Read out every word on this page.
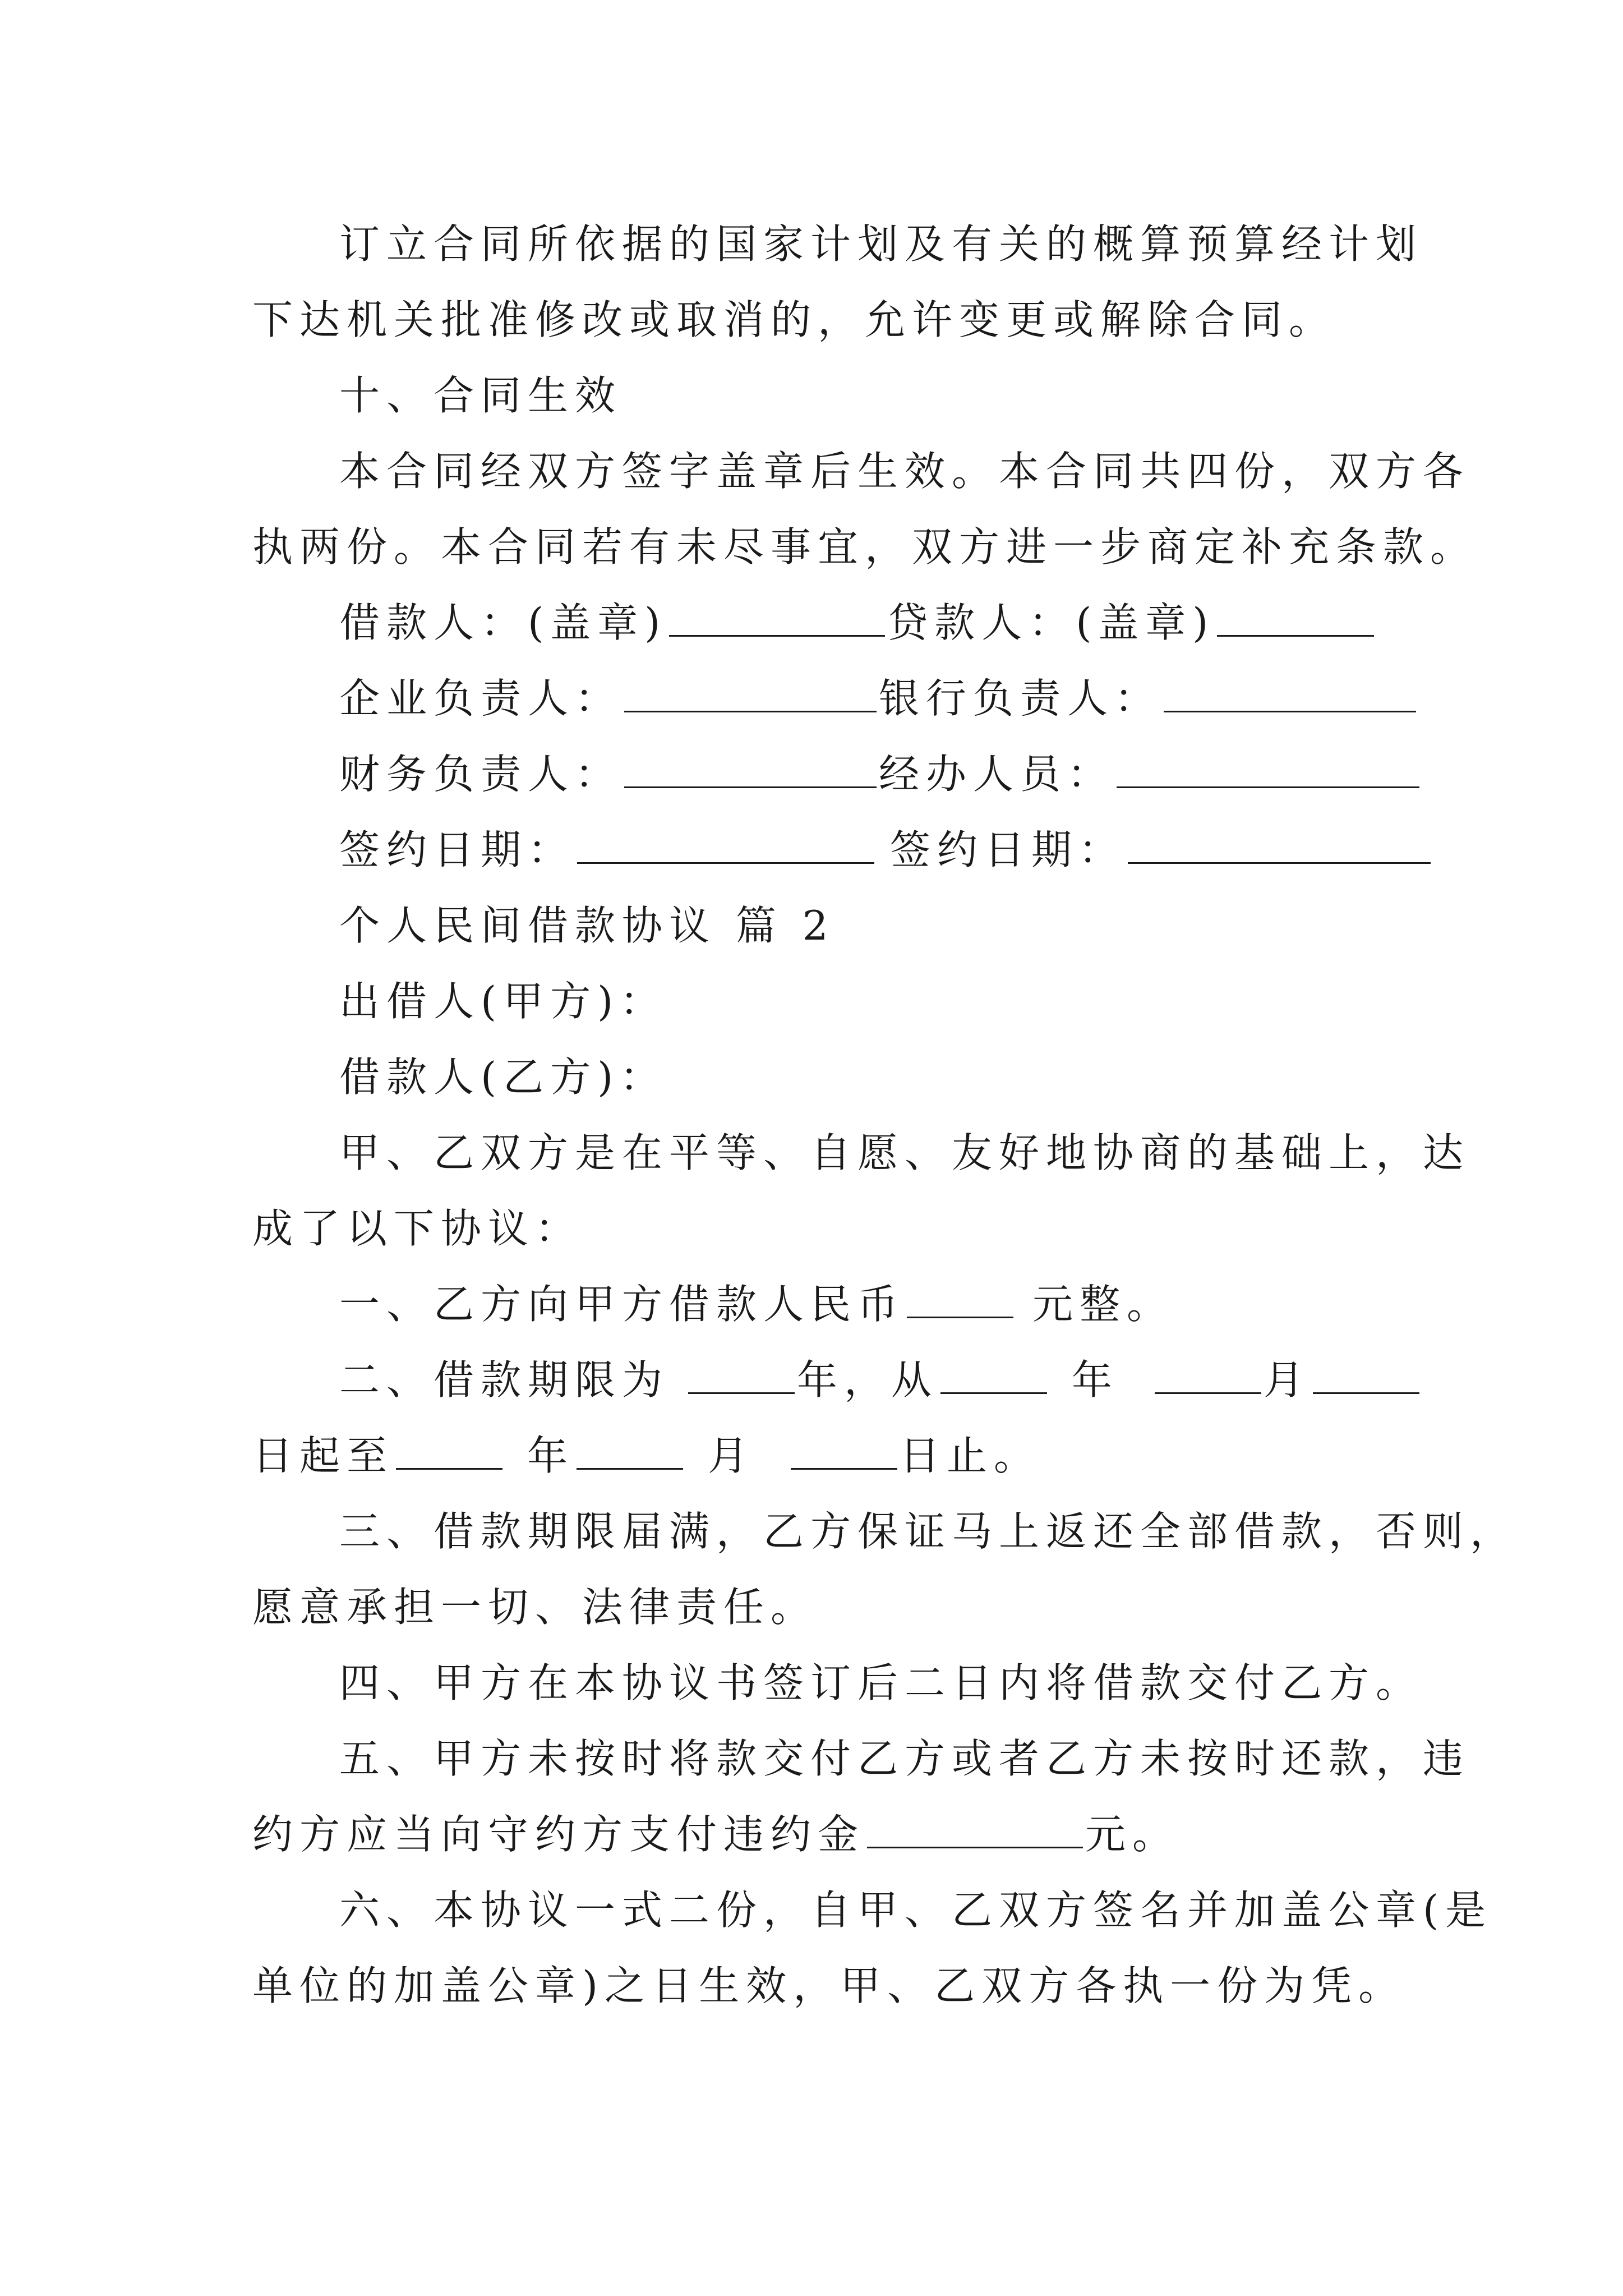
订立合同所依据的国家计划及有关的概算预算经计划
下达机关批准修改或取消的，允许变更或解除合同。
十、合同生效
本合同经双方签字盖章后生效。本合同共四份，双方各
执两份。本合同若有未尽事宜，双方进一步商定补充条款。
借款人：(盖章)	贷款人：(盖章)
企业负责人：	银行负责人：
财务负责人：	经办人员：
签约日期：	签约日期：
个人民间借款协议 篇 2
出借人(甲方)：
借款人(乙方)：
甲、乙双方是在平等、自愿、友好地协商的基础上，达
成了以下协议：
一、乙方向甲方借款人民币	元整。
二、借款期限为	年，从	年	月
日起至	年	月	日止。
三、借款期限届满，乙方保证马上返还全部借款，否则，
愿意承担一切、法律责任。
四、甲方在本协议书签订后二日内将借款交付乙方。
五、甲方未按时将款交付乙方或者乙方未按时还款，违
约方应当向守约方支付违约金	元。
六、本协议一式二份，自甲、乙双方签名并加盖公章(是
单位的加盖公章)之日生效，甲、乙双方各执一份为凭。
